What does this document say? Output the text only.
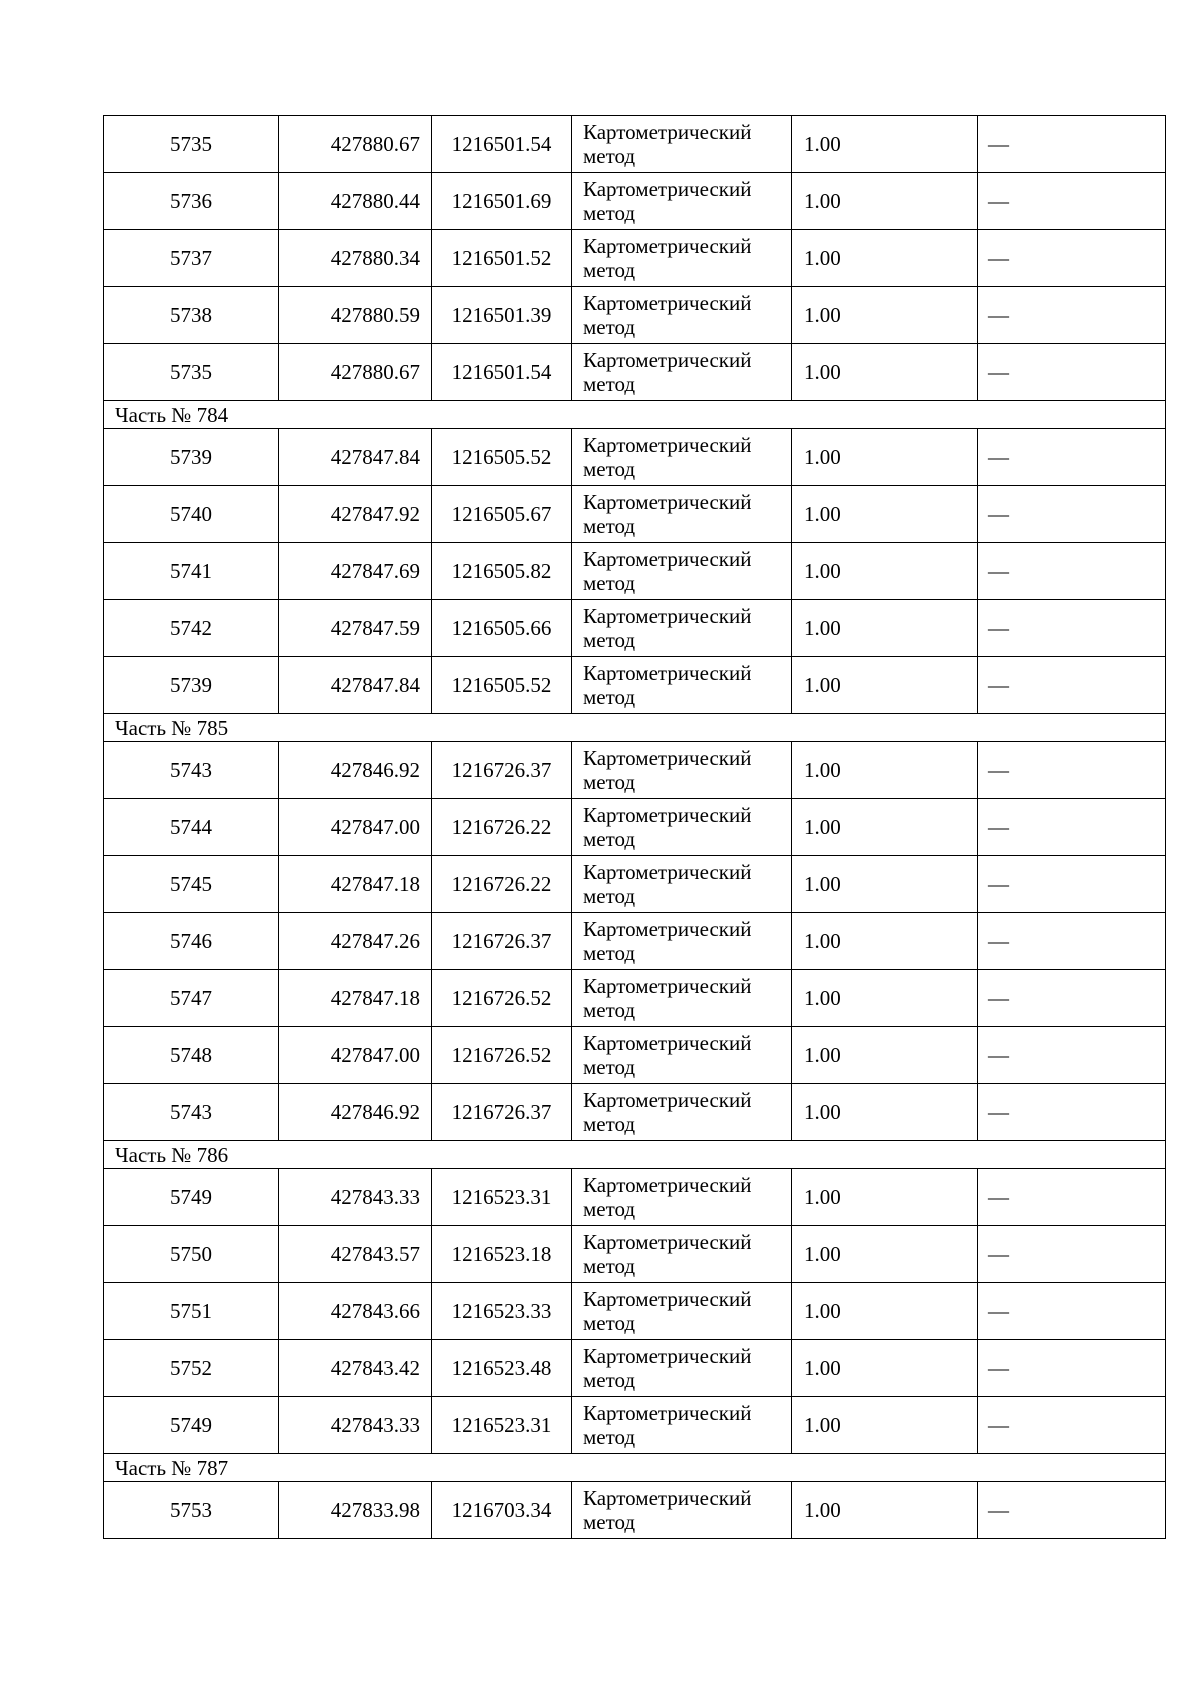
5735	427880.67	1216501.54	Картометрический метод	1.00	—
5736	427880.44	1216501.69	Картометрический метод	1.00	—
5737	427880.34	1216501.52	Картометрический метод	1.00	—
5738	427880.59	1216501.39	Картометрический метод	1.00	—
5735	427880.67	1216501.54	Картометрический метод	1.00	—
Часть № 784					
5739	427847.84	1216505.52	Картометрический метод	1.00	—
5740	427847.92	1216505.67	Картометрический метод	1.00	—
5741	427847.69	1216505.82	Картометрический метод	1.00	—
5742	427847.59	1216505.66	Картометрический метод	1.00	—
5739	427847.84	1216505.52	Картометрический метод	1.00	—
Часть № 785					
5743	427846.92	1216726.37	Картометрический метод	1.00	—
5744	427847.00	1216726.22	Картометрический метод	1.00	—
5745	427847.18	1216726.22	Картометрический метод	1.00	—
5746	427847.26	1216726.37	Картометрический метод	1.00	—
5747	427847.18	1216726.52	Картометрический метод	1.00	—
5748	427847.00	1216726.52	Картометрический метод	1.00	—
5743	427846.92	1216726.37	Картометрический метод	1.00	—
Часть № 786					
5749	427843.33	1216523.31	Картометрический метод	1.00	—
5750	427843.57	1216523.18	Картометрический метод	1.00	—
5751	427843.66	1216523.33	Картометрический метод	1.00	—
5752	427843.42	1216523.48	Картометрический метод	1.00	—
5749	427843.33	1216523.31	Картометрический метод	1.00	—
Часть № 787					
5753	427833.98	1216703.34	Картометрический метод	1.00	—
